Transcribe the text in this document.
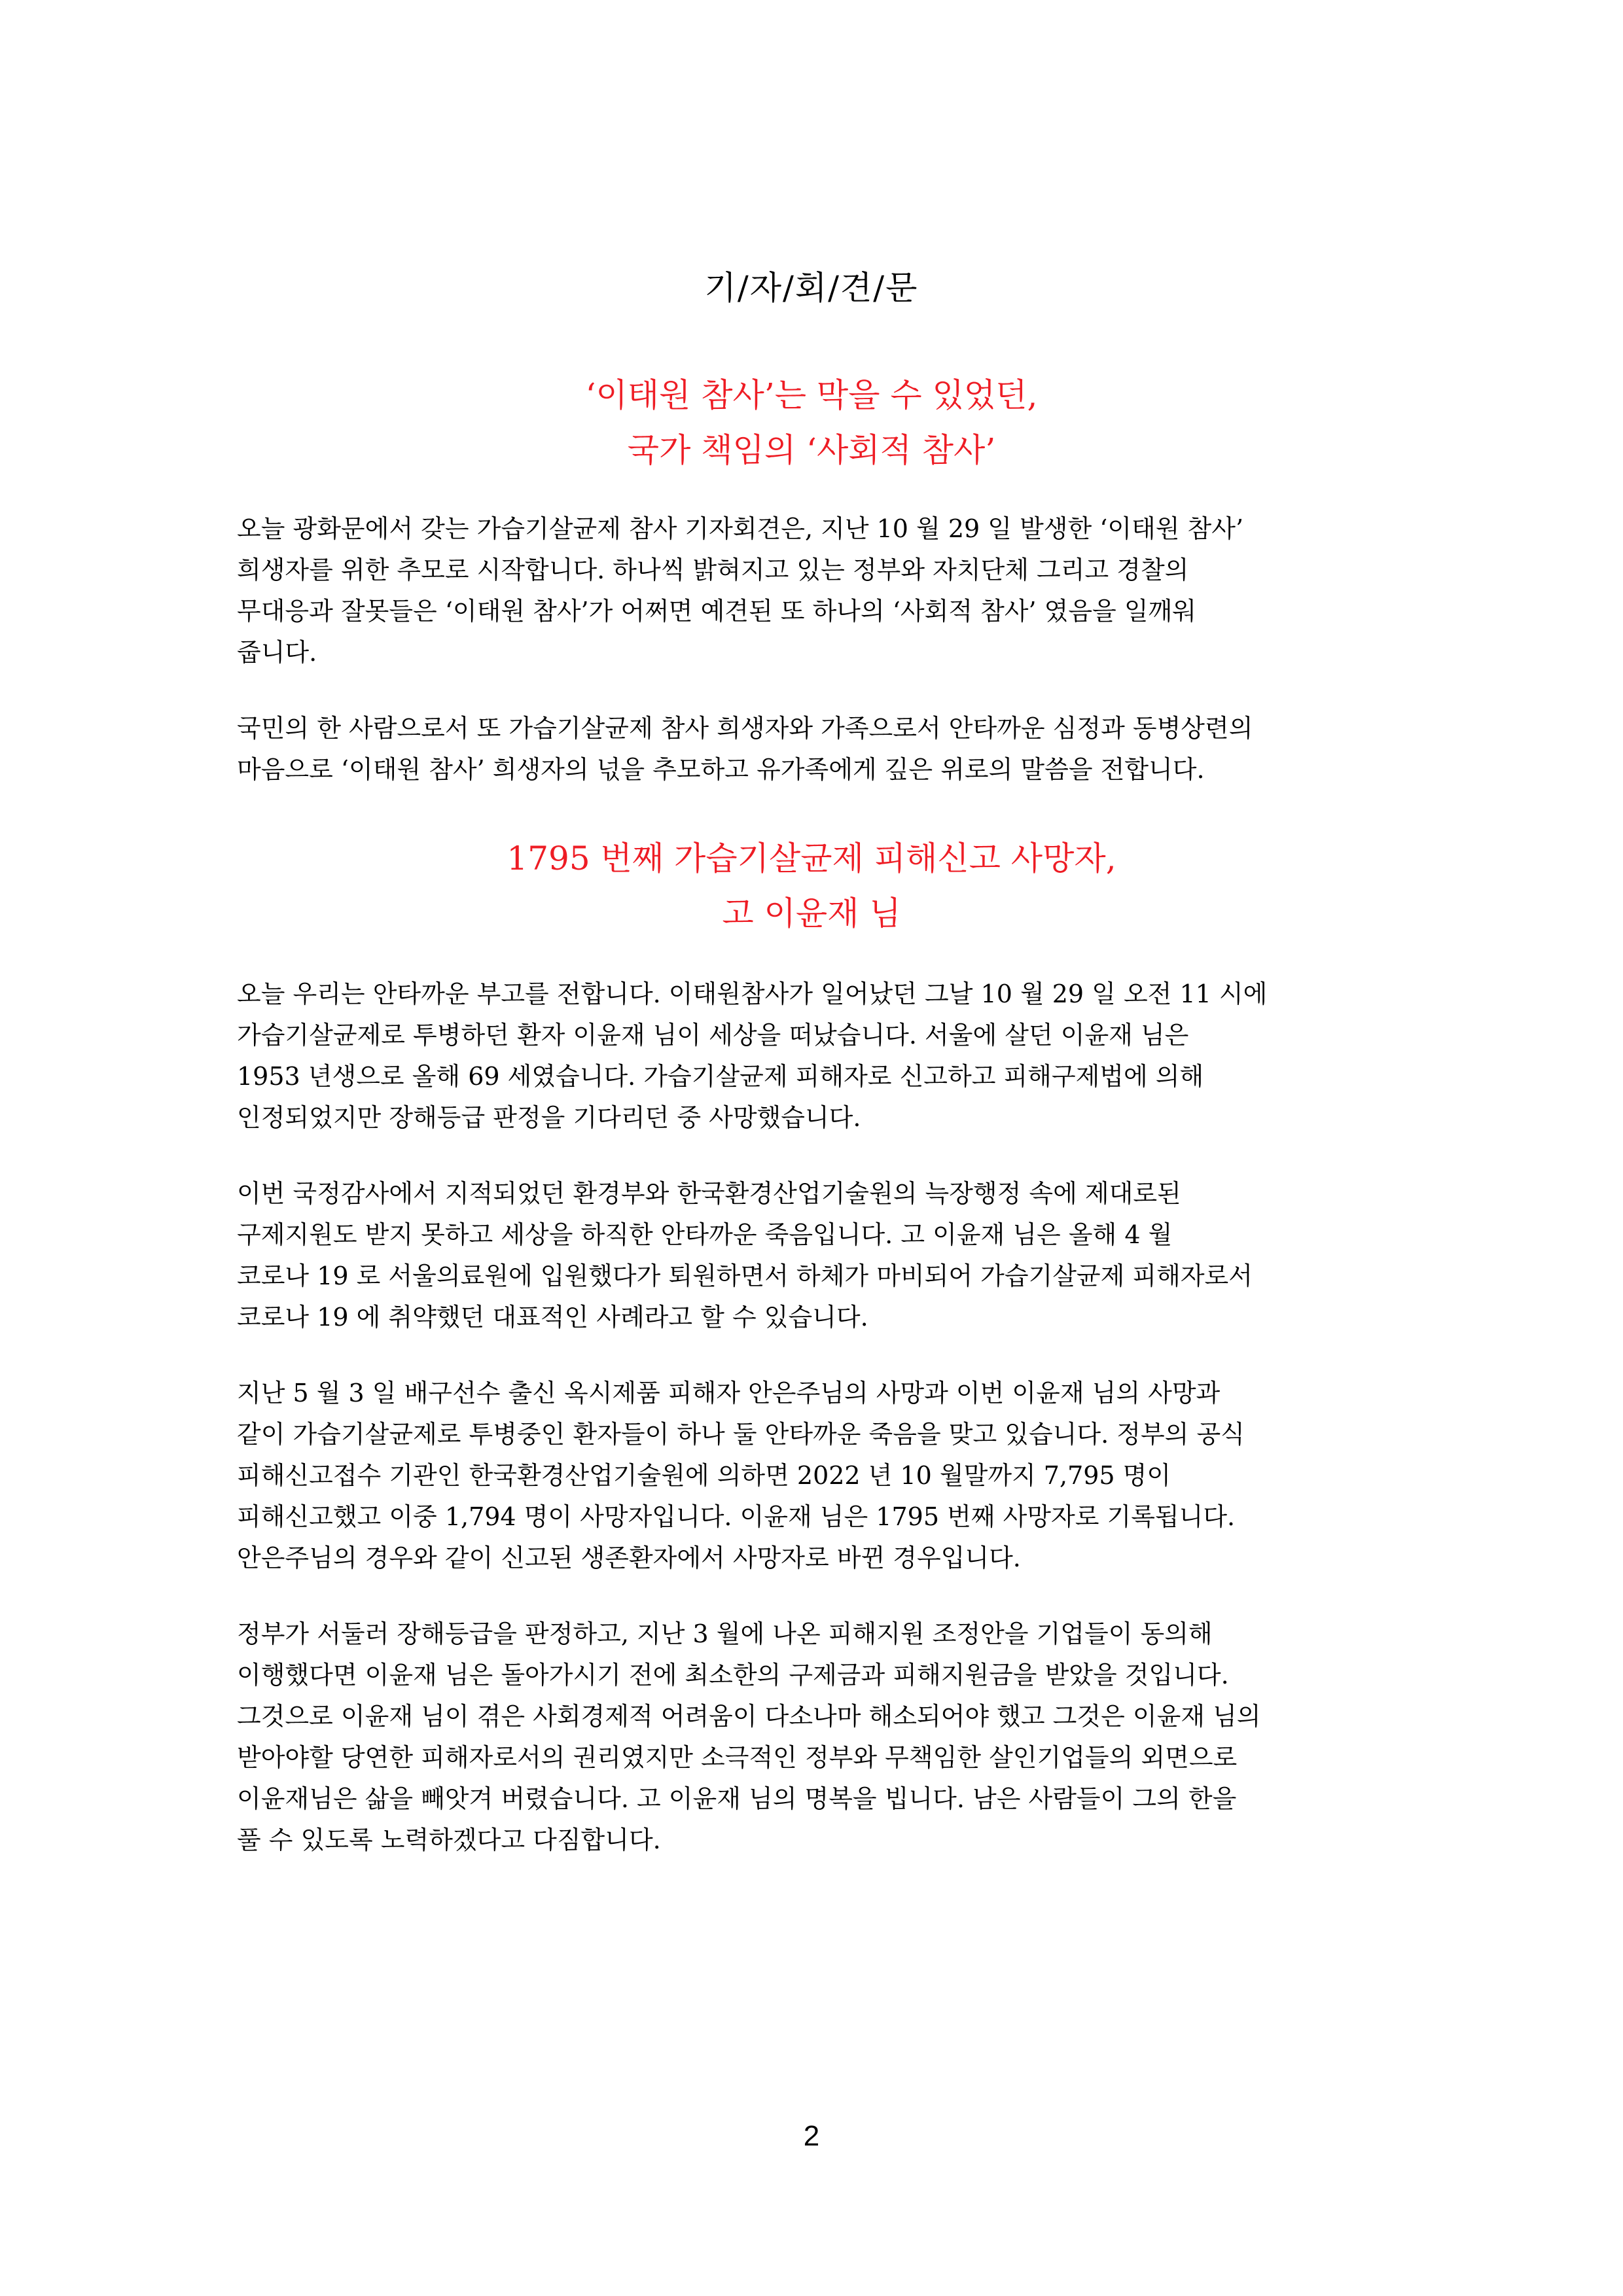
기/자/회/견/문
‘이태원 참사’는 막을 수 있었던,
국가 책임의 ‘사회적 참사’
오늘 광화문에서 갖는 가습기살균제 참사 기자회견은, 지난 10 월 29 일 발생한 ‘이태원 참사’
희생자를 위한 추모로 시작합니다. 하나씩 밝혀지고 있는 정부와 자치단체 그리고 경찰의
무대응과 잘못들은 ‘이태원 참사’가 어쩌면 예견된 또 하나의 ‘사회적 참사’ 였음을 일깨워
줍니다.
국민의 한 사람으로서 또 가습기살균제 참사 희생자와 가족으로서 안타까운 심정과 동병상련의
마음으로 ‘이태원 참사’ 희생자의 넋을 추모하고 유가족에게 깊은 위로의 말씀을 전합니다.
1795 번째 가습기살균제 피해신고 사망자,
고 이윤재 님
오늘 우리는 안타까운 부고를 전합니다. 이태원참사가 일어났던 그날 10 월 29 일 오전 11 시에
가습기살균제로 투병하던 환자 이윤재 님이 세상을 떠났습니다. 서울에 살던 이윤재 님은
1953 년생으로 올해 69 세였습니다. 가습기살균제 피해자로 신고하고 피해구제법에 의해
인정되었지만 장해등급 판정을 기다리던 중 사망했습니다.
이번 국정감사에서 지적되었던 환경부와 한국환경산업기술원의 늑장행정 속에 제대로된
구제지원도 받지 못하고 세상을 하직한 안타까운 죽음입니다. 고 이윤재 님은 올해 4 월
코로나 19 로 서울의료원에 입원했다가 퇴원하면서 하체가 마비되어 가습기살균제 피해자로서
코로나 19 에 취약했던 대표적인 사례라고 할 수 있습니다.
지난 5 월 3 일 배구선수 출신 옥시제품 피해자 안은주님의 사망과 이번 이윤재 님의 사망과
같이 가습기살균제로 투병중인 환자들이 하나 둘 안타까운 죽음을 맞고 있습니다. 정부의 공식
피해신고접수 기관인 한국환경산업기술원에 의하면 2022 년 10 월말까지 7,795 명이
피해신고했고 이중 1,794 명이 사망자입니다. 이윤재 님은 1795 번째 사망자로 기록됩니다.
안은주님의 경우와 같이 신고된 생존환자에서 사망자로 바뀐 경우입니다.
정부가 서둘러 장해등급을 판정하고, 지난 3 월에 나온 피해지원 조정안을 기업들이 동의해
이행했다면 이윤재 님은 돌아가시기 전에 최소한의 구제금과 피해지원금을 받았을 것입니다.
그것으로 이윤재 님이 겪은 사회경제적 어려움이 다소나마 해소되어야 했고 그것은 이윤재 님의
받아야할 당연한 피해자로서의 권리였지만 소극적인 정부와 무책임한 살인기업들의 외면으로
이윤재님은 삶을 빼앗겨 버렸습니다. 고 이윤재 님의 명복을 빕니다. 남은 사람들이 그의 한을
풀 수 있도록 노력하겠다고 다짐합니다.
2
